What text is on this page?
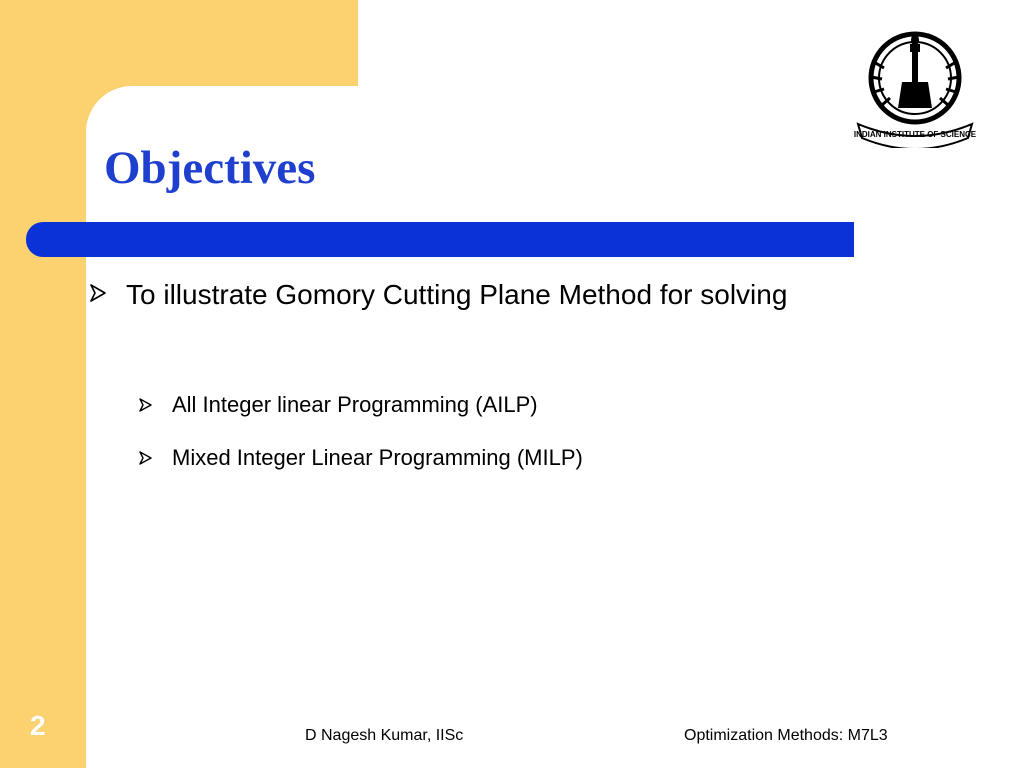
INDIAN INSTITUTE OF SCIENCE
Objectives
To illustrate Gomory Cutting Plane Method for solving
All Integer linear Programming (AILP)
Mixed Integer Linear Programming (MILP)
2	D Nagesh Kumar, IISc	Optimization Methods: M7L3
